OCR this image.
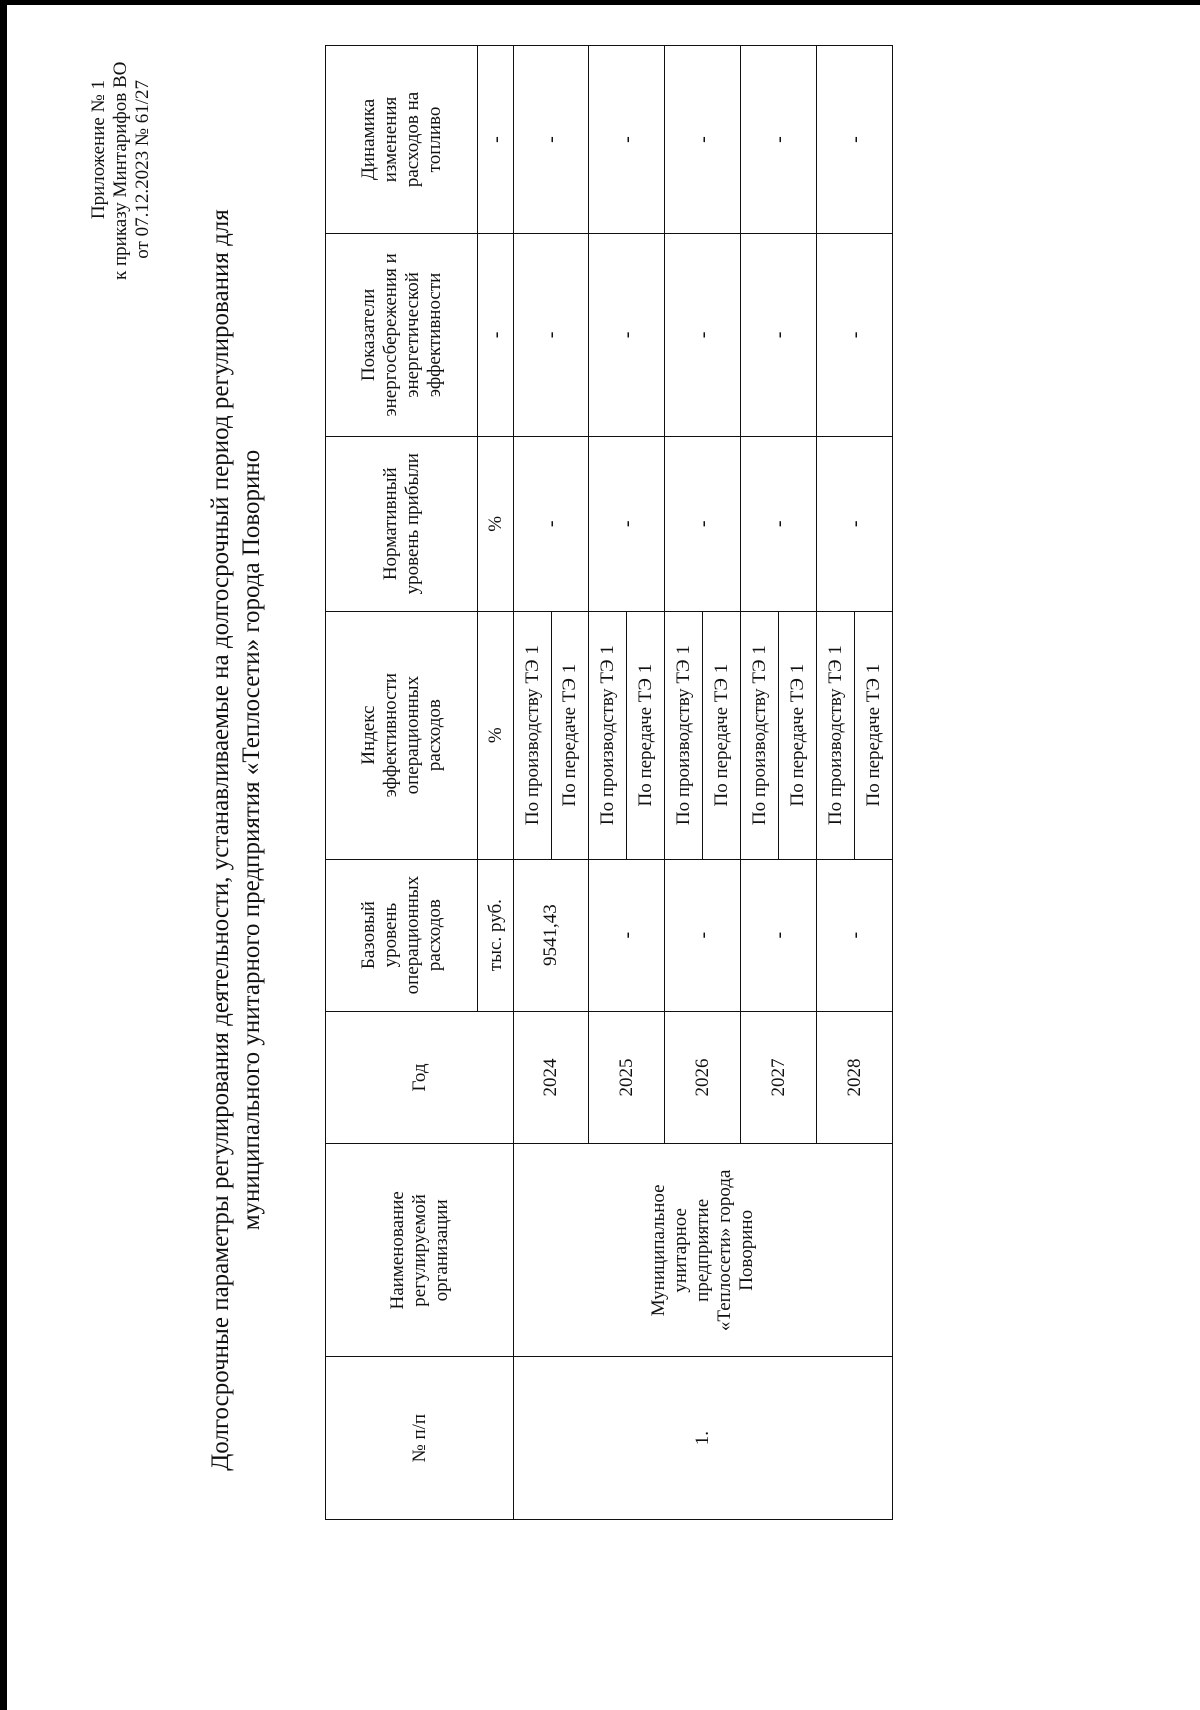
Приложение № 1 к приказу Минтарифов ВО от 07.12.2023 № 61/27
Долгосрочные параметры регулирования деятельности, устанавливаемые на долгосрочный период регулирования для муниципального унитарного предприятия «Теплосети» города Поворино
№ п/п	Наименование регулируемой организации	Год	Базовый уровень операционных расходов	Индекс эффективности операционных расходов	Нормативный уровень прибыли	Показатели энергосбережения и энергетической эффективности	Динамика изменения расходов на топливо

			тыс. руб.	%	%	-	-
1.	Муниципальное унитарное предприятие «Теплосети» города Поворино	2024	9541,43	По производству ТЭ 1	-	-	-
				По передаче ТЭ 1			
		2025	-	По производству ТЭ 1	-	-	-
				По передаче ТЭ 1			
		2026	-	По производству ТЭ 1	-	-	-
				По передаче ТЭ 1			
		2027	-	По производству ТЭ 1	-	-	-
				По передаче ТЭ 1			
		2028	-	По производству ТЭ 1	-	-	-
				По передаче ТЭ 1			
